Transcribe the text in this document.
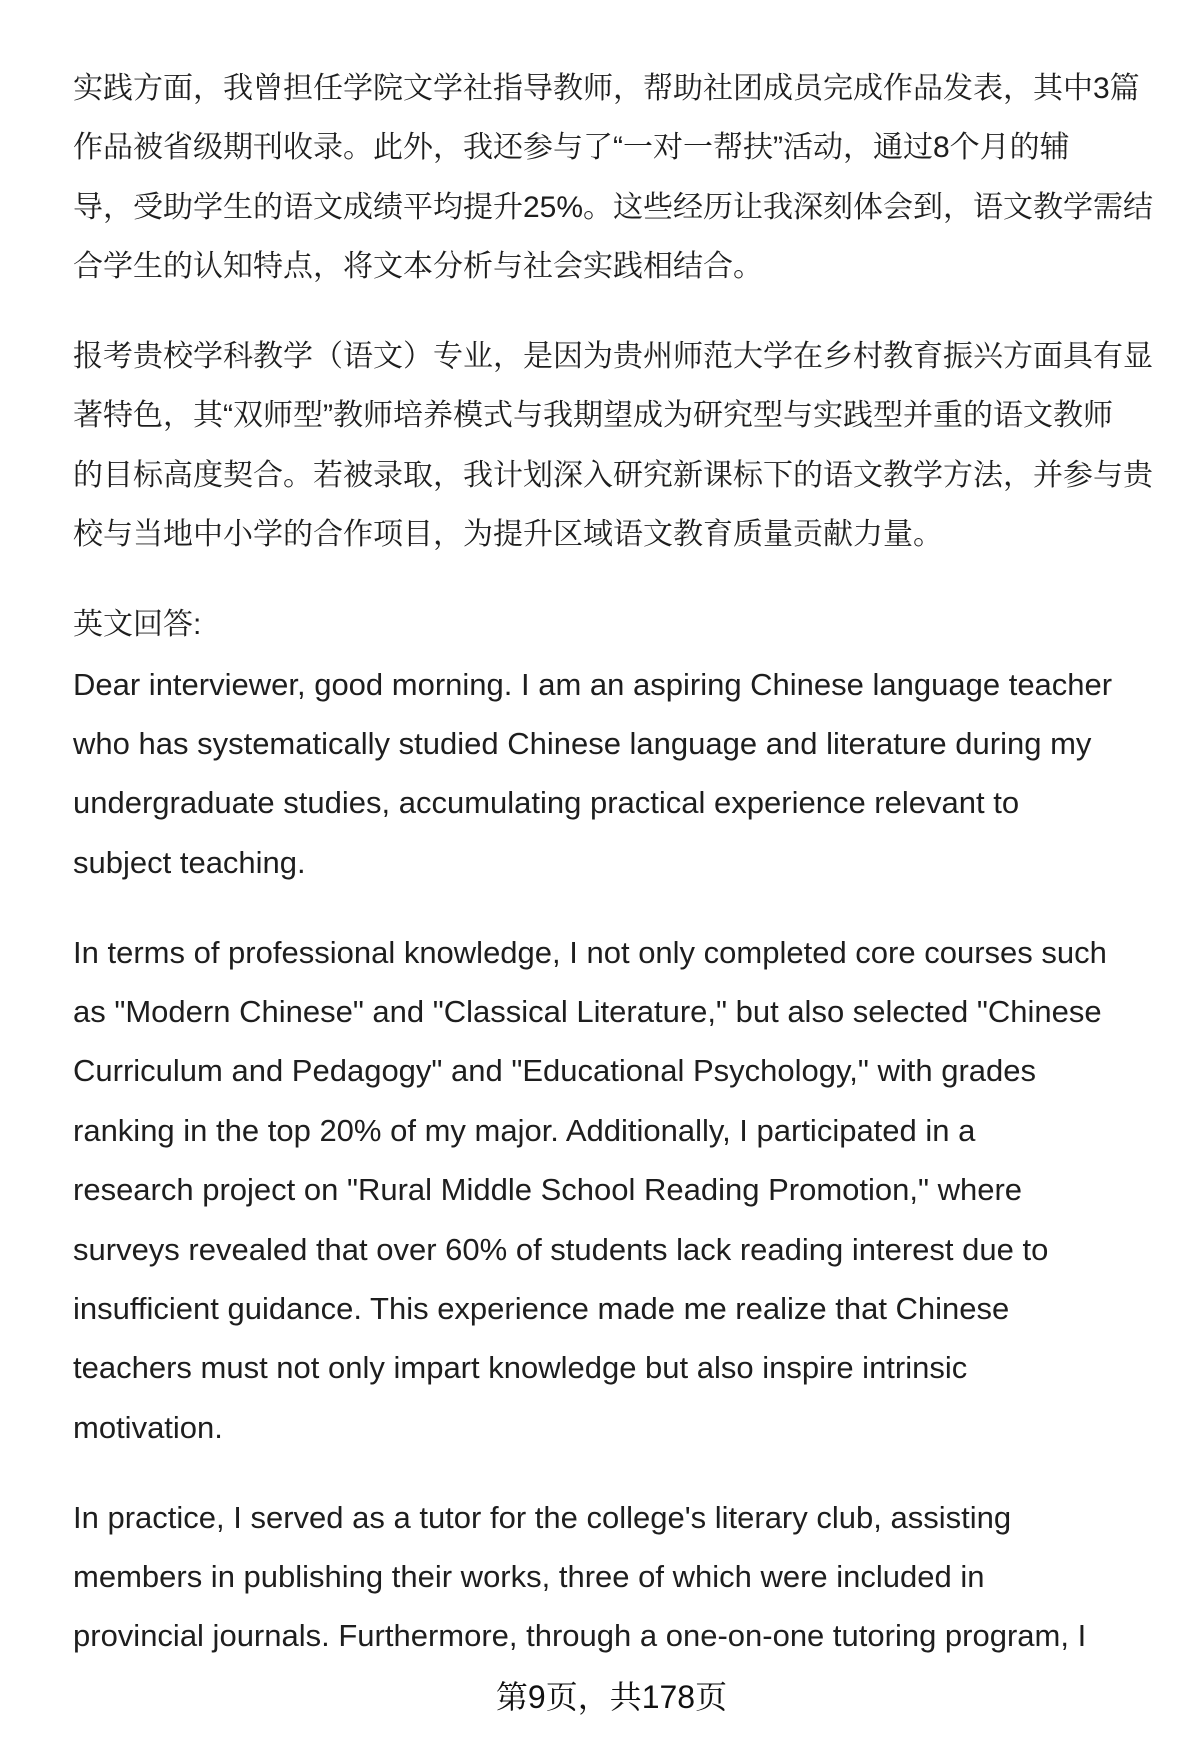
实践方面，我曾担任学院文学社指导教师，帮助社团成员完成作品发表，其中3篇
作品被省级期刊收录。此外，我还参与了“一对一帮扶”活动，通过8个月的辅
导，受助学生的语文成绩平均提升25%。这些经历让我深刻体会到，语文教学需结
合学生的认知特点，将文本分析与社会实践相结合。
报考贵校学科教学（语文）专业，是因为贵州师范大学在乡村教育振兴方面具有显
著特色，其“双师型”教师培养模式与我期望成为研究型与实践型并重的语文教师
的目标高度契合。若被录取，我计划深入研究新课标下的语文教学方法，并参与贵
校与当地中小学的合作项目，为提升区域语文教育质量贡献力量。
英文回答:
Dear interviewer, good morning. I am an aspiring Chinese language teacher
who has systematically studied Chinese language and literature during my
undergraduate studies, accumulating practical experience relevant to
subject teaching.
In terms of professional knowledge, I not only completed core courses such
as "Modern Chinese" and "Classical Literature," but also selected "Chinese
Curriculum and Pedagogy" and "Educational Psychology," with grades
ranking in the top 20% of my major. Additionally, I participated in a
research project on "Rural Middle School Reading Promotion," where
surveys revealed that over 60% of students lack reading interest due to
insufficient guidance. This experience made me realize that Chinese
teachers must not only impart knowledge but also inspire intrinsic
motivation.
In practice, I served as a tutor for the college's literary club, assisting
members in publishing their works, three of which were included in
provincial journals. Furthermore, through a one-on-one tutoring program, I
第9页，共178页
